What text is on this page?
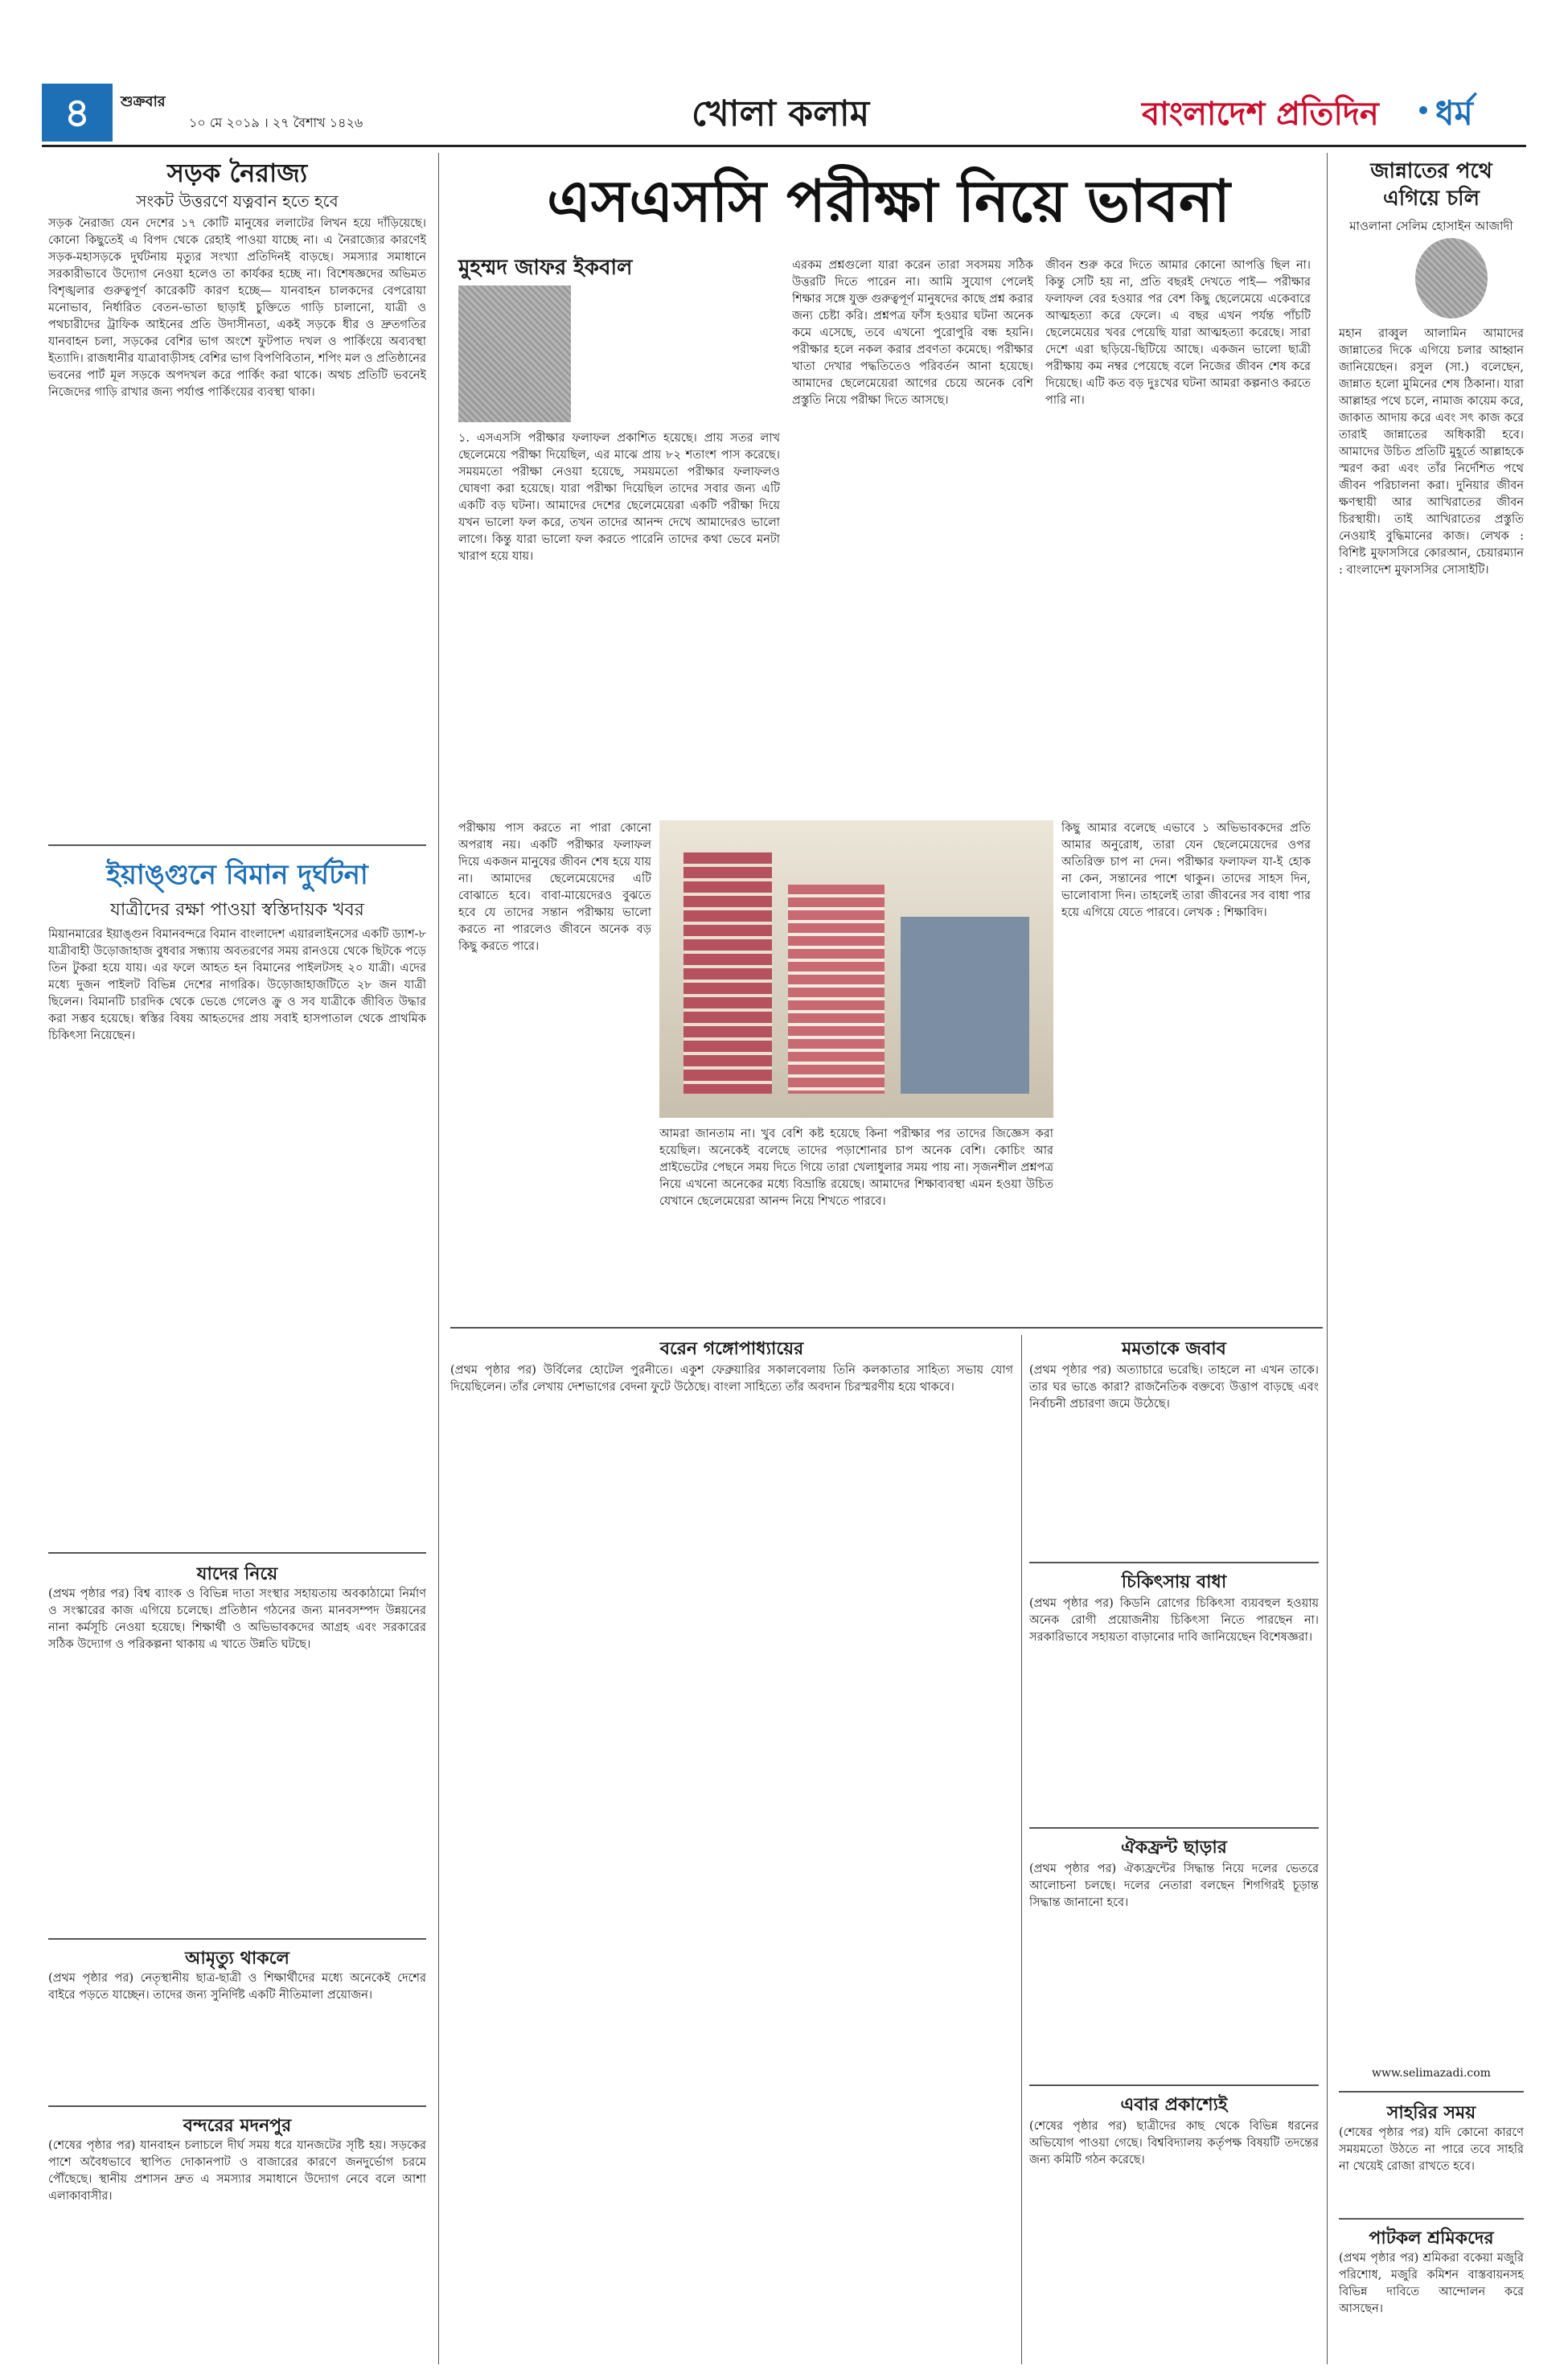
৪	শুক্রবার
১০ মে ২০১৯ । ২৭ বৈশাখ ১৪২৬	খোলা কলাম	বাংলাদেশ প্রতিদিন ধর্ম
সড়ক নৈরাজ্য
সংকট উত্তরণে যত্নবান হতে হবে
সড়ক নৈরাজ্য যেন দেশের ১৭ কোটি মানুষের ললাটের লিখন হয়ে দাঁড়িয়েছে। কোনো কিছুতেই এ বিপদ থেকে রেহাই পাওয়া যাচ্ছে না। এ নৈরাজ্যের কারণেই সড়ক-মহাসড়কে দুর্ঘটনায় মৃত্যুর সংখ্যা প্রতিদিনই বাড়ছে। সমস্যার সমাধানে সরকারীভাবে উদ্যোগ নেওয়া হলেও তা কার্যকর হচ্ছে না। বিশেষজ্ঞদের অভিমত বিশৃঙ্খলার গুরুত্বপূর্ণ কারেকটি কারণ হচ্ছে— যানবাহন চালকদের বেপরোয়া মনোভাব, নির্ধারিত বেতন-ভাতা ছাড়াই চুক্তিতে গাড়ি চালানো, যাত্রী ও পথচারীদের ট্রাফিক আইনের প্রতি উদাসীনতা, একই সড়কে ধীর ও দ্রুতগতির যানবাহন চলা, সড়কের বেশির ভাগ অংশে ফুটপাত দখল ও পার্কিংয়ে অব্যবস্থা ইত্যাদি। রাজধানীর যাত্রাবাড়ীসহ বেশির ভাগ বিপণিবিতান, শপিং মল ও প্রতিষ্ঠানের ভবনের পার্ট মূল সড়কে অপদখল করে পার্কিং করা থাকে। অথচ প্রতিটি ভবনেই নিজেদের গাড়ি রাখার জন্য পর্যাপ্ত পার্কিংয়ের ব্যবস্থা থাকা।
ইয়াঙ্গুনে বিমান দুর্ঘটনা
যাত্রীদের রক্ষা পাওয়া স্বস্তিদায়ক খবর
মিয়ানমারের ইয়াঙ্গুন বিমানবন্দরে বিমান বাংলাদেশ এয়ারলাইনসের একটি ড্যাশ-৮ যাত্রীবাহী উড়োজাহাজ বুধবার সন্ধ্যায় অবতরণের সময় রানওয়ে থেকে ছিটকে পড়ে তিন টুকরা হয়ে যায়। এর ফলে আহত হন বিমানের পাইলটসহ ২০ যাত্রী। এদের মধ্যে দুজন পাইলট বিভিন্ন দেশের নাগরিক। উড়োজাহাজটিতে ২৮ জন যাত্রী ছিলেন। বিমানটি চারদিক থেকে ভেঙে গেলেও ক্রু ও সব যাত্রীকে জীবিত উদ্ধার করা সম্ভব হয়েছে। স্বস্তির বিষয় আহতদের প্রায় সবাই হাসপাতাল থেকে প্রাথমিক চিকিৎসা নিয়েছেন।
যাদের নিয়ে
(প্রথম পৃষ্ঠার পর) বিশ্ব ব্যাংক ও বিভিন্ন দাতা সংস্থার সহায়তায় অবকাঠামো নির্মাণ ও সংস্কারের কাজ এগিয়ে চলেছে। প্রতিষ্ঠান গঠনের জন্য মানবসম্পদ উন্নয়নের নানা কর্মসূচি নেওয়া হয়েছে। শিক্ষার্থী ও অভিভাবকদের আগ্রহ এবং সরকারের সঠিক উদ্যোগ ও পরিকল্পনা থাকায় এ খাতে উন্নতি ঘটছে।
আমৃত্যু থাকলে
(প্রথম পৃষ্ঠার পর) নেতৃস্থানীয় ছাত্র-ছাত্রী ও শিক্ষার্থীদের মধ্যে অনেকেই দেশের বাইরে পড়তে যাচ্ছেন। তাদের জন্য সুনির্দিষ্ট একটি নীতিমালা প্রয়োজন।
বন্দরের মদনপুর
(শেষের পৃষ্ঠার পর) যানবাহন চলাচলে দীর্ঘ সময় ধরে যানজটের সৃষ্টি হয়। সড়কের পাশে অবৈধভাবে স্থাপিত দোকানপাট ও বাজারের কারণে জনদুর্ভোগ চরমে পৌঁছেছে। স্থানীয় প্রশাসন দ্রুত এ সমস্যার সমাধানে উদ্যোগ নেবে বলে আশা এলাকাবাসীর।
এসএসসি পরীক্ষা নিয়ে ভাবনা
মুহম্মদ জাফর ইকবাল
১. এসএসসি পরীক্ষার ফলাফল প্রকাশিত হয়েছে। প্রায় সতর লাখ ছেলেমেয়ে পরীক্ষা দিয়েছিল, এর মাঝে প্রায় ৮২ শতাংশ পাস করেছে। সময়মতো পরীক্ষা নেওয়া হয়েছে, সময়মতো পরীক্ষার ফলাফলও ঘোষণা করা হয়েছে। যারা পরীক্ষা দিয়েছিল তাদের সবার জন্য এটি একটি বড় ঘটনা। আমাদের দেশের ছেলেমেয়েরা একটি পরীক্ষা দিয়ে যখন ভালো ফল করে, তখন তাদের আনন্দ দেখে আমাদেরও ভালো লাগে। কিন্তু যারা ভালো ফল করতে পারেনি তাদের কথা ভেবে মনটা খারাপ হয়ে যায়।
এরকম প্রশ্নগুলো যারা করেন তারা সবসময় সঠিক উত্তরটি দিতে পারেন না। আমি সুযোগ পেলেই শিক্ষার সঙ্গে যুক্ত গুরুত্বপূর্ণ মানুষদের কাছে প্রশ্ন করার জন্য চেষ্টা করি। প্রশ্নপত্র ফাঁস হওয়ার ঘটনা অনেক কমে এসেছে, তবে এখনো পুরোপুরি বন্ধ হয়নি। পরীক্ষার হলে নকল করার প্রবণতা কমেছে। পরীক্ষার খাতা দেখার পদ্ধতিতেও পরিবর্তন আনা হয়েছে। আমাদের ছেলেমেয়েরা আগের চেয়ে অনেক বেশি প্রস্তুতি নিয়ে পরীক্ষা দিতে আসছে।
জীবন শুরু করে দিতে আমার কোনো আপত্তি ছিল না। কিন্তু সেটি হয় না, প্রতি বছরই দেখতে পাই— পরীক্ষার ফলাফল বের হওয়ার পর বেশ কিছু ছেলেমেয়ে একেবারে আত্মহত্যা করে ফেলে। এ বছর এখন পর্যন্ত পাঁচটি ছেলেমেয়ের খবর পেয়েছি যারা আত্মহত্যা করেছে। সারা দেশে এরা ছড়িয়ে-ছিটিয়ে আছে। একজন ভালো ছাত্রী পরীক্ষায় কম নম্বর পেয়েছে বলে নিজের জীবন শেষ করে দিয়েছে। এটি কত বড় দুঃখের ঘটনা আমরা কল্পনাও করতে পারি না।
পরীক্ষায় পাস করতে না পারা কোনো অপরাধ নয়। একটি পরীক্ষার ফলাফল দিয়ে একজন মানুষের জীবন শেষ হয়ে যায় না। আমাদের ছেলেমেয়েদের এটি বোঝাতে হবে। বাবা-মায়েদেরও বুঝতে হবে যে তাদের সন্তান পরীক্ষায় ভালো করতে না পারলেও জীবনে অনেক বড় কিছু করতে পারে।
আমরা জানতাম না। খুব বেশি কষ্ট হয়েছে কিনা পরীক্ষার পর তাদের জিজ্ঞেস করা হয়েছিল। অনেকেই বলেছে তাদের পড়াশোনার চাপ অনেক বেশি। কোচিং আর প্রাইভেটের পেছনে সময় দিতে গিয়ে তারা খেলাধুলার সময় পায় না। সৃজনশীল প্রশ্নপত্র নিয়ে এখনো অনেকের মধ্যে বিভ্রান্তি রয়েছে। আমাদের শিক্ষাব্যবস্থা এমন হওয়া উচিত যেখানে ছেলেমেয়েরা আনন্দ নিয়ে শিখতে পারবে।
কিছু আমার বলেছে এভাবে ১ অভিভাবকদের প্রতি আমার অনুরোধ, তারা যেন ছেলেমেয়েদের ওপর অতিরিক্ত চাপ না দেন। পরীক্ষার ফলাফল যা-ই হোক না কেন, সন্তানের পাশে থাকুন। তাদের সাহস দিন, ভালোবাসা দিন। তাহলেই তারা জীবনের সব বাধা পার হয়ে এগিয়ে যেতে পারবে। লেখক : শিক্ষাবিদ।
জান্নাতের পথে এগিয়ে চলি
মাওলানা সেলিম হোসাইন আজাদী
মহান রাব্বুল আলামিন আমাদের জান্নাতের দিকে এগিয়ে চলার আহ্বান জানিয়েছেন। রসুল (সা.) বলেছেন, জান্নাত হলো মুমিনের শেষ ঠিকানা। যারা আল্লাহর পথে চলে, নামাজ কায়েম করে, জাকাত আদায় করে এবং সৎ কাজ করে তারাই জান্নাতের অধিকারী হবে। আমাদের উচিত প্রতিটি মুহূর্তে আল্লাহকে স্মরণ করা এবং তাঁর নির্দেশিত পথে জীবন পরিচালনা করা। দুনিয়ার জীবন ক্ষণস্থায়ী আর আখিরাতের জীবন চিরস্থায়ী। তাই আখিরাতের প্রস্তুতি নেওয়াই বুদ্ধিমানের কাজ। লেখক : বিশিষ্ট মুফাসসিরে কোরআন, চেয়ারম্যান : বাংলাদেশ মুফাসসির সোসাইটি।
www.selimazadi.com
সাহরির সময়
(শেষের পৃষ্ঠার পর) যদি কোনো কারণে সময়মতো উঠতে না পারে তবে সাহরি না খেয়েই রোজা রাখতে হবে।
পাটকল শ্রমিকদের
(প্রথম পৃষ্ঠার পর) শ্রমিকরা বকেয়া মজুরি পরিশোধ, মজুরি কমিশন বাস্তবায়নসহ বিভিন্ন দাবিতে আন্দোলন করে আসছেন।
বরেন গঙ্গোপাধ্যায়ের
(প্রথম পৃষ্ঠার পর) উর্বিলের হোটেল পুরনীতে। একুশ ফেব্রুয়ারির সকালবেলায় তিনি কলকাতার সাহিত্য সভায় যোগ দিয়েছিলেন। তাঁর লেখায় দেশভাগের বেদনা ফুটে উঠেছে। বাংলা সাহিত্যে তাঁর অবদান চিরস্মরণীয় হয়ে থাকবে।
মমতাকে জবাব
(প্রথম পৃষ্ঠার পর) অত্যাচারে ভরেছি। তাহলে না এখন তাকে। তার ঘর ভাঙে কারা? রাজনৈতিক বক্তব্যে উত্তাপ বাড়ছে এবং নির্বাচনী প্রচারণা জমে উঠেছে।
চিকিৎসায় বাধা
(প্রথম পৃষ্ঠার পর) কিডনি রোগের চিকিৎসা ব্যয়বহুল হওয়ায় অনেক রোগী প্রয়োজনীয় চিকিৎসা নিতে পারছেন না। সরকারিভাবে সহায়তা বাড়ানোর দাবি জানিয়েছেন বিশেষজ্ঞরা।
ঐকফ্রন্ট ছাড়ার
(প্রথম পৃষ্ঠার পর) ঐক্যফ্রন্টের সিদ্ধান্ত নিয়ে দলের ভেতরে আলোচনা চলছে। দলের নেতারা বলছেন শিগগিরই চূড়ান্ত সিদ্ধান্ত জানানো হবে।
এবার প্রকাশ্যেই
(শেষের পৃষ্ঠার পর) ছাত্রীদের কাছ থেকে বিভিন্ন ধরনের অভিযোগ পাওয়া গেছে। বিশ্ববিদ্যালয় কর্তৃপক্ষ বিষয়টি তদন্তের জন্য কমিটি গঠন করেছে।
